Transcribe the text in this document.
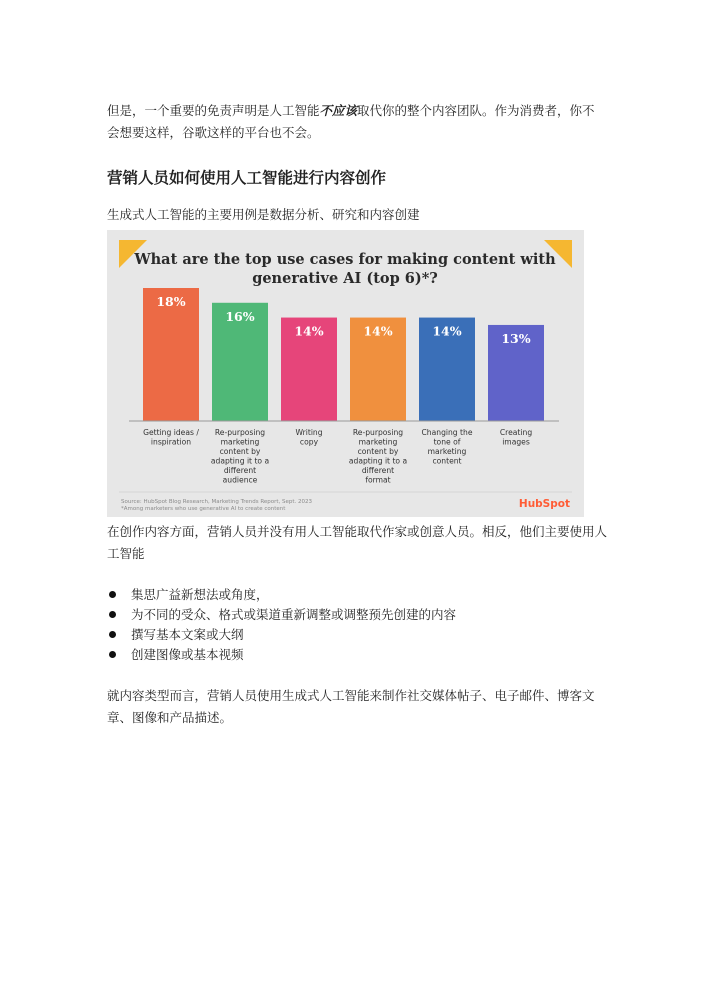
但是，一个重要的免责声明是人工智能不应该取代你的整个内容团队。作为消费者，你不会想要这样，谷歌这样的平台也不会。

营销人员如何使用人工智能进行内容创作

生成式人工智能的主要用例是数据分析、研究和内容创建

What are the top use cases for making content with
generative AI (top 6)*?
18%
16%
14%	14%	14%	13%
Getting ideas /
inspiration
Re-purposing
marketing
content by
adapting it to a
different
audience
Writing
copy
Re-purposing
marketing
content by
adapting it to a
different
format
Changing the
tone of
marketing
content
Creating
images
Source: HubSpot Blog Research, Marketing Trends Report, Sept. 2023
*Among marketers who use generative AI to create content	HubSpot

在创作内容方面，营销人员并没有用人工智能取代作家或创意人员。相反，他们主要使用人工智能

集思广益新想法或角度，
为不同的受众、格式或渠道重新调整或调整预先创建的内容
撰写基本文案或大纲
创建图像或基本视频

就内容类型而言，营销人员使用生成式人工智能来制作社交媒体帖子、电子邮件、博客文章、图像和产品描述。
